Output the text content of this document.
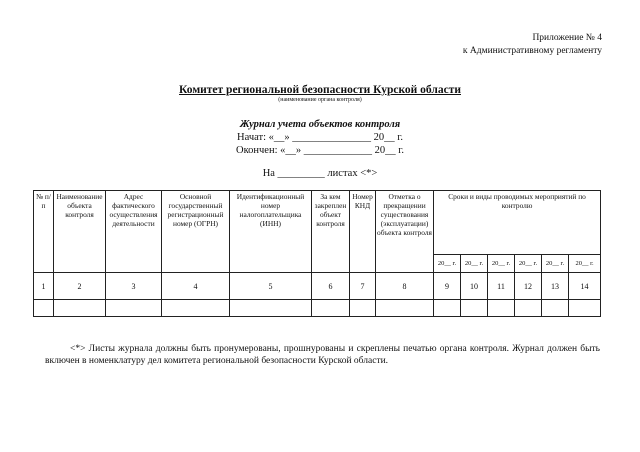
Приложение № 4
к Административному регламенту
Комитет региональной безопасности Курской области
(наименование органа контроля)
Журнал учета объектов контроля
Начат: «__» _______________ 20__ г.
Окончен: «__» _____________ 20__ г.
На _________ листах <*>
№ п/п	Наименование объекта контроля	Адрес фактического осуществления деятельности	Основной государственный регистрационный номер (ОГРН)	Идентификационный номер налогоплательщика (ИНН)	За кем закреплен объект контроля	Номер КНД	Отметка о прекращении существования (эксплуатации) объекта контроля	Сроки и виды проводимых мероприятий по контролю					
								20__ г.	20__ г.	20__ г.	20__ г.	20__ г.	20__ г.
1	2	3	4	5	6	7	8	9	10	11	12	13	14

<*> Листы журнала должны быть пронумерованы, прошнурованы и скреплены печатью органа контроля. Журнал должен быть включен в номенклатуру дел комитета региональной безопасности Курской области.
